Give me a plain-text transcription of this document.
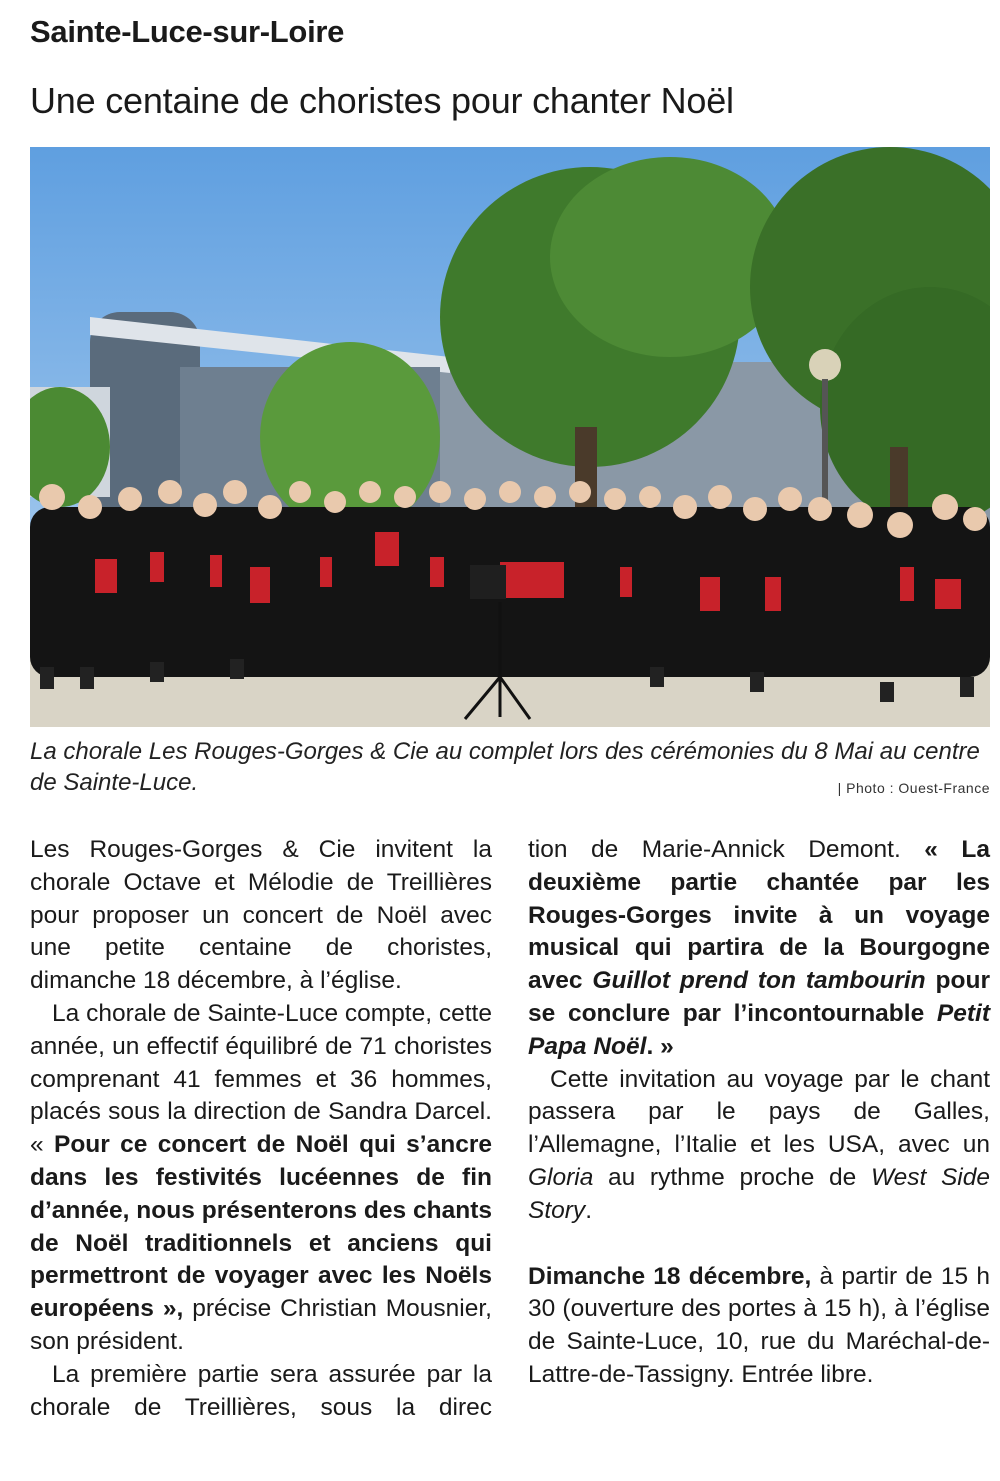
Sainte-Luce-sur-Loire
Une centaine de choristes pour chanter Noël
La chorale Les Rouges-Gorges & Cie au complet lors des cérémonies du 8 Mai au centre de Sainte-Luce.	| Photo : Ouest-France

Les Rouges-Gorges & Cie invitent la chorale Octave et Mélodie de Treillières pour proposer un concert de Noël avec une petite centaine de choristes, dimanche 18 décembre, à l’église.

La chorale de Sainte-Luce compte, cette année, un effectif équilibré de 71 choristes comprenant 41 femmes et 36 hommes, placés sous la direction de Sandra Darcel. « Pour ce concert de Noël qui s’ancre dans les festivités lucéennes de fin d’année, nous présenterons des chants de Noël traditionnels et anciens qui permettront de voyager avec les Noëls européens », précise Christian Mousnier, son président.

La première partie sera assurée par la chorale de Treillières, sous la direc

tion de Marie-Annick Demont. « La deuxième partie chantée par les Rouges-Gorges invite à un voyage musical qui partira de la Bourgogne avec Guillot prend ton tambourin pour se conclure par l’incontournable Petit Papa Noël. »

Cette invitation au voyage par le chant passera par le pays de Galles, l’Allemagne, l’Italie et les USA, avec un Gloria au rythme proche de West Side Story.

Dimanche 18 décembre, à partir de 15 h 30 (ouverture des portes à 15 h), à l’église de Sainte-Luce, 10, rue du Maréchal-de-Lattre-de-Tassigny. Entrée libre.
